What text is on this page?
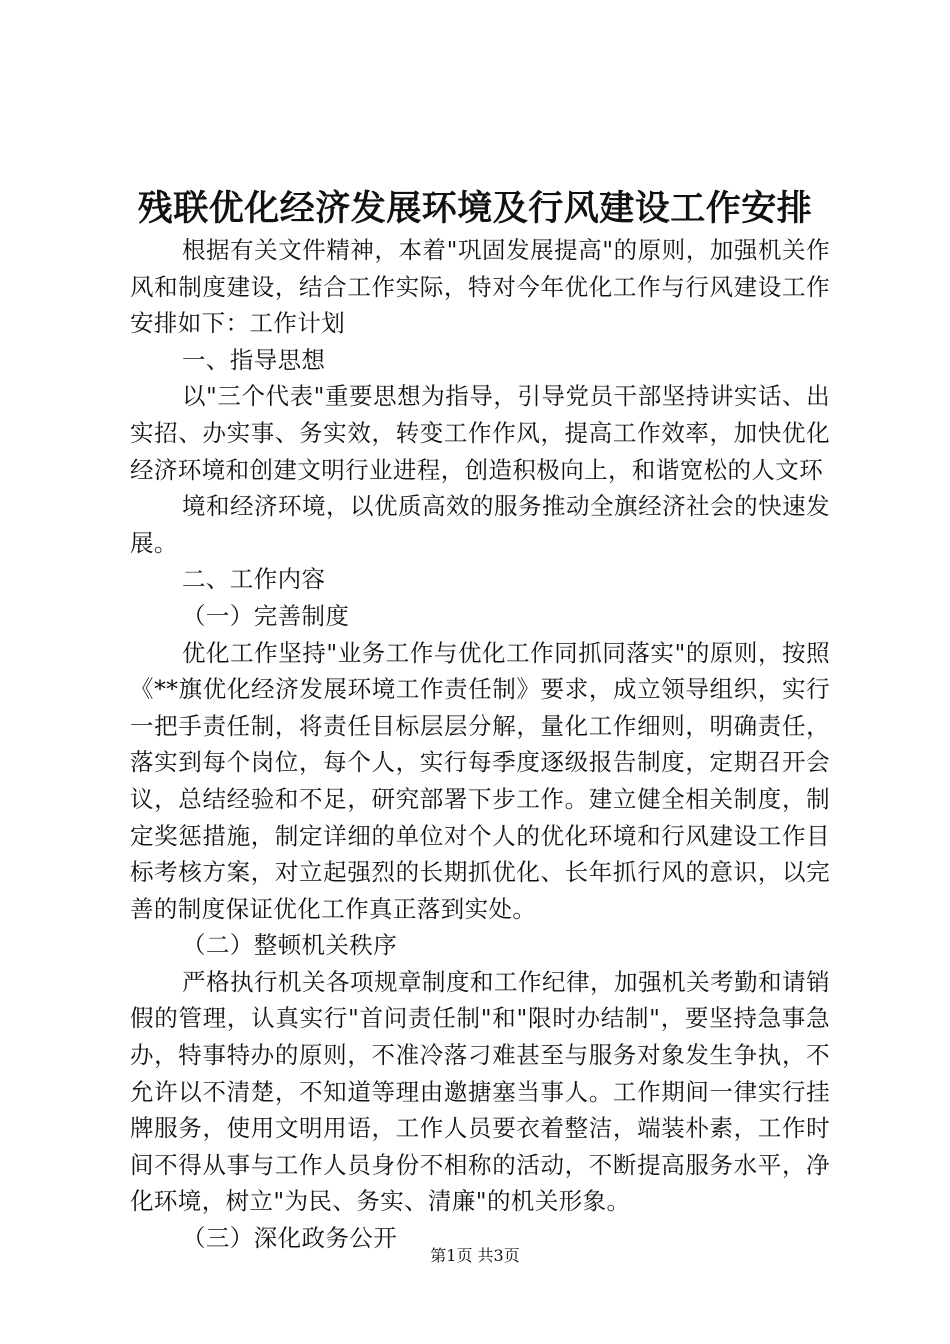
残联优化经济发展环境及行风建设工作安排

根据有关文件精神，本着"巩固发展提高"的原则，加强机关作风和制度建设，结合工作实际，特对今年优化工作与行风建设工作安排如下：工作计划

一、指导思想

以"三个代表"重要思想为指导，引导党员干部坚持讲实话、出实招、办实事、务实效，转变工作作风，提高工作效率，加快优化经济环境和创建文明行业进程，创造积极向上，和谐宽松的人文环

境和经济环境，以优质高效的服务推动全旗经济社会的快速发展。

二、工作内容

（一）完善制度

优化工作坚持"业务工作与优化工作同抓同落实"的原则，按照《**旗优化经济发展环境工作责任制》要求，成立领导组织，实行一把手责任制，将责任目标层层分解，量化工作细则，明确责任，落实到每个岗位，每个人，实行每季度逐级报告制度，定期召开会议，总结经验和不足，研究部署下步工作。建立健全相关制度，制定奖惩措施，制定详细的单位对个人的优化环境和行风建设工作目标考核方案，对立起强烈的长期抓优化、长年抓行风的意识，以完善的制度保证优化工作真正落到实处。

（二）整顿机关秩序

严格执行机关各项规章制度和工作纪律，加强机关考勤和请销假的管理，认真实行"首问责任制"和"限时办结制"，要坚持急事急办，特事特办的原则，不准冷落刁难甚至与服务对象发生争执，不允许以不清楚，不知道等理由邀搪塞当事人。工作期间一律实行挂牌服务，使用文明用语，工作人员要衣着整洁，端装朴素，工作时间不得从事与工作人员身份不相称的活动，不断提高服务水平，净化环境，树立"为民、务实、清廉"的机关形象。

（三）深化政务公开

第1页 共3页
